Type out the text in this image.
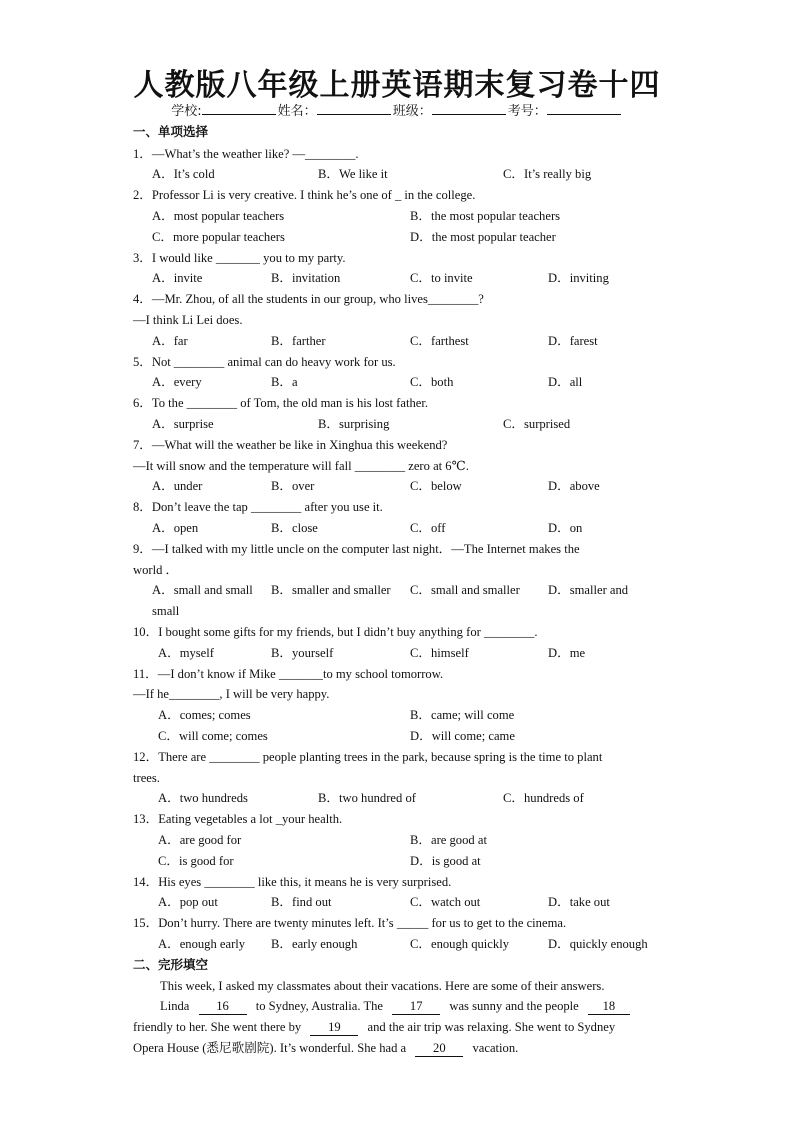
人教版八年级上册英语期末复习卷十四
学校:	姓名：	班级：	考号：
一、单项选择
1．—What’s the weather like? —________.
A．It’s cold	B．We like it	C．It’s really big
2．Professor Li is very creative. I think he’s one of _ in the college.
A．most popular teachers	B．the most popular teachers
C．more popular teachers	D．the most popular teacher
3．I would like _______ you to my party.
A．invite	B．invitation	C．to invite	D．inviting
4．—Mr. Zhou, of all the students in our group, who lives________?
—I think Li Lei does.
A．far	B．farther	C．farthest	D．farest
5．Not ________ animal can do heavy work for us.
A．every	B．a	C．both	D．all
6．To the ________ of Tom, the old man is his lost father.
A．surprise	B．surprising	C．surprised
7．—What will the weather be like in Xinghua this weekend?
—It will snow and the temperature will fall ________ zero at 6℃.
A．under	B．over	C．below	D．above
8．Don’t leave the tap ________ after you use it.
A．open	B．close	C．off	D．on
9．—I talked with my little uncle on the computer last night．—The Internet makes the
world ．
A．small and small B．smaller and smaller C．small and smaller D．smaller and
small
10．I bought some gifts for my friends, but I didn’t buy anything for ________.
A．myself	B．yourself	C．himself	D．me
11．—I don’t know if Mike _______to my school tomorrow.
—If he________, I will be very happy.
A．comes; comes	B．came; will come
C．will come; comes	D．will come; came
12．There are ________ people planting trees in the park, because spring is the time to plant
trees.
A．two hundreds	B．two hundred of	C．hundreds of
13．Eating vegetables a lot _your health.
A．are good for	B．are good at
C．is good for	D．is good at
14．His eyes ________ like this, it means he is very surprised.
A．pop out	B．find out	C．watch out	D．take out
15．Don’t hurry. There are twenty minutes left. It’s _____ for us to get to the cinema.
A．enough early B．early enough	C．enough quickly	D．quickly enough
二、完形填空
This week, I asked my classmates about their vacations. Here are some of their answers.
Linda 16 to Sydney, Australia. The 17 was sunny and the people 18
friendly to her. She went there by 19 and the air trip was relaxing. She went to Sydney
Opera House (悉尼歌剧院). It’s wonderful. She had a 20 vacation.
